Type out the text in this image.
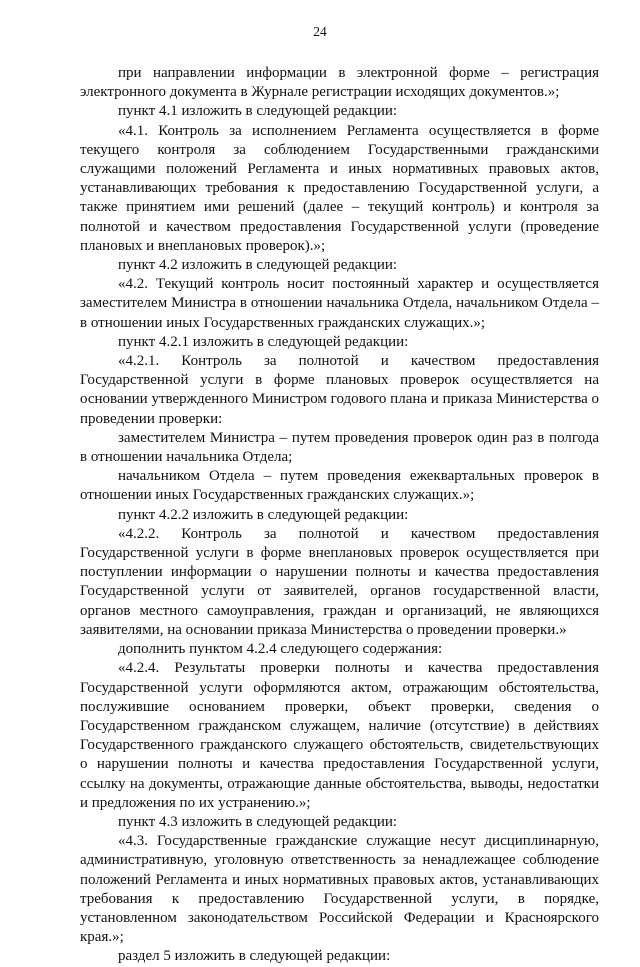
24

при направлении информации в электронной форме – регистрация электронного документа в Журнале регистрации исходящих документов.»;

пункт 4.1 изложить в следующей редакции:

«4.1. Контроль за исполнением Регламента осуществляется в форме текущего контроля за соблюдением Государственными гражданскими служащими положений Регламента и иных нормативных правовых актов, устанавливающих требования к предоставлению Государственной услуги, а также принятием ими решений (далее – текущий контроль) и контроля за полнотой и качеством предоставления Государственной услуги (проведение плановых и внеплановых проверок).»;

пункт 4.2 изложить в следующей редакции:

«4.2. Текущий контроль носит постоянный характер и осуществляется заместителем Министра в отношении начальника Отдела, начальником Отдела – в отношении иных Государственных гражданских служащих.»;

пункт 4.2.1 изложить в следующей редакции:

«4.2.1. Контроль за полнотой и качеством предоставления Государственной услуги в форме плановых проверок осуществляется на основании утвержденного Министром годового плана и приказа Министерства о проведении проверки:

заместителем Министра – путем проведения проверок один раз в полгода в отношении начальника Отдела;

начальником Отдела – путем проведения ежеквартальных проверок в отношении иных Государственных гражданских служащих.»;

пункт 4.2.2 изложить в следующей редакции:

«4.2.2. Контроль за полнотой и качеством предоставления Государственной услуги в форме внеплановых проверок осуществляется при поступлении информации о нарушении полноты и качества предоставления Государственной услуги от заявителей, органов государственной власти, органов местного самоуправления, граждан и организаций, не являющихся заявителями, на основании приказа Министерства о проведении проверки.»

дополнить пунктом 4.2.4 следующего содержания:

«4.2.4. Результаты проверки полноты и качества предоставления Государственной услуги оформляются актом, отражающим обстоятельства, послужившие основанием проверки, объект проверки, сведения о Государственном гражданском служащем, наличие (отсутствие) в действиях Государственного гражданского служащего обстоятельств, свидетельствующих о нарушении полноты и качества предоставления Государственной услуги, ссылку на документы, отражающие данные обстоятельства, выводы, недостатки и предложения по их устранению.»;

пункт 4.3 изложить в следующей редакции:

«4.3. Государственные гражданские служащие несут дисциплинарную, административную, уголовную ответственность за ненадлежащее соблюдение положений Регламента и иных нормативных правовых актов, устанавливающих требования к предоставлению Государственной услуги, в порядке, установленном законодательством Российской Федерации и Красноярского края.»;

раздел 5 изложить в следующей редакции:
